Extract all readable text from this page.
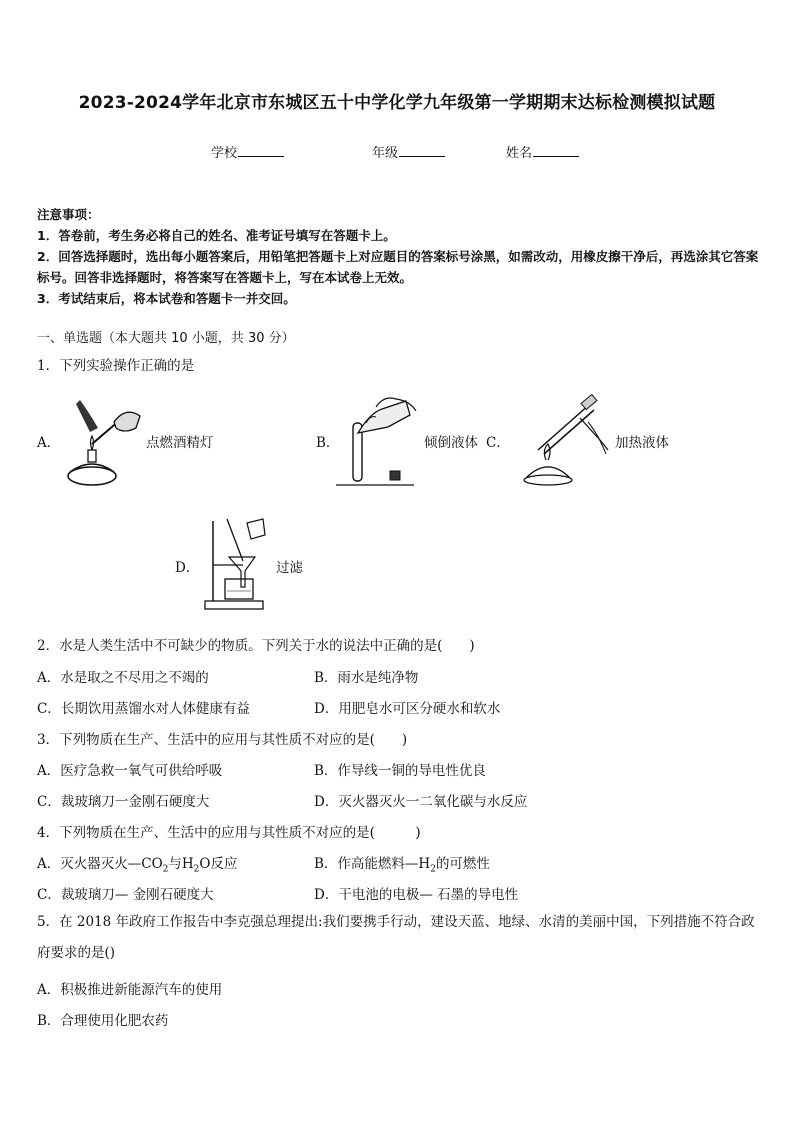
2023-2024学年北京市东城区五十中学化学九年级第一学期期末达标检测模拟试题
学校	年级	姓名
注意事项：
1．答卷前，考生务必将自己的姓名、准考证号填写在答题卡上。
2．回答选择题时，选出每小题答案后，用铅笔把答题卡上对应题目的答案标号涂黑，如需改动，用橡皮擦干净后，再选涂其它答案标号。回答非选择题时，将答案写在答题卡上，写在本试卷上无效。
3．考试结束后，将本试卷和答题卡一并交回。
一、单选题（本大题共 10 小题，共 30 分）
1．下列实验操作正确的是
A．	点燃酒精灯	B．	倾倒液体 C．	加热液体
D．	过滤
2．水是人类生活中不可缺少的物质。下列关于水的说法中正确的是(　　)
A．水是取之不尽用之不竭的	B．雨水是纯净物
C．长期饮用蒸馏水对人体健康有益	D．用肥皂水可区分硬水和软水
3．下列物质在生产、生活中的应用与其性质不对应的是(　　)
A．医疗急救一氧气可供给呼吸	B．作导线一铜的导电性优良
C．裁玻璃刀一金刚石硬度大	D．灭火器灭火一二氧化碳与水反应
4．下列物质在生产、生活中的应用与其性质不对应的是(　　　)
A．灭火器灭火$—CO_2$与$H_2O$反应	B．作高能燃料$—H_2$的可燃性
C．裁玻璃刀— 金刚石硬度大	D．干电池的电极— 石墨的导电性
5．在 2018 年政府工作报告中李克强总理提出:我们要携手行动，建设天蓝、地绿、水清的美丽中国，下列措施不符合政府要求的是()
A．积极推进新能源汽车的使用
B．合理使用化肥农药
